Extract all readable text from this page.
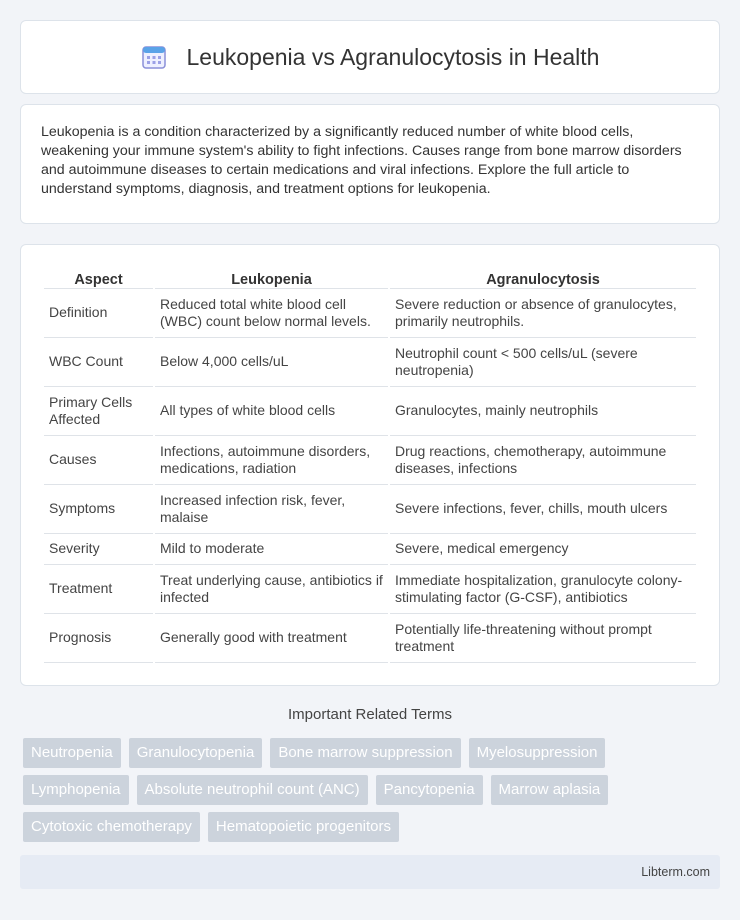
Leukopenia vs Agranulocytosis in Health

Leukopenia is a condition characterized by a significantly reduced number of white blood cells, weakening your immune system's ability to fight infections. Causes range from bone marrow disorders and autoimmune diseases to certain medications and viral infections. Explore the full article to understand symptoms, diagnosis, and treatment options for leukopenia.

Aspect	Leukopenia	Agranulocytosis
Definition	Reduced total white blood cell (WBC) count below normal levels.	Severe reduction or absence of granulocytes, primarily neutrophils.
WBC Count	Below 4,000 cells/uL	Neutrophil count < 500 cells/uL (severe neutropenia)
Primary Cells Affected	All types of white blood cells	Granulocytes, mainly neutrophils
Causes	Infections, autoimmune disorders, medications, radiation	Drug reactions, chemotherapy, autoimmune diseases, infections
Symptoms	Increased infection risk, fever, malaise	Severe infections, fever, chills, mouth ulcers
Severity	Mild to moderate	Severe, medical emergency
Treatment	Treat underlying cause, antibiotics if infected	Immediate hospitalization, granulocyte colony-stimulating factor (G-CSF), antibiotics
Prognosis	Generally good with treatment	Potentially life-threatening without prompt treatment
Important Related Terms
Neutropenia	Granulocytopenia	Bone marrow suppression	Myelosuppression
Lymphopenia	Absolute neutrophil count (ANC)	Pancytopenia	Marrow aplasia
Cytotoxic chemotherapy	Hematopoietic progenitors
Libterm.com
